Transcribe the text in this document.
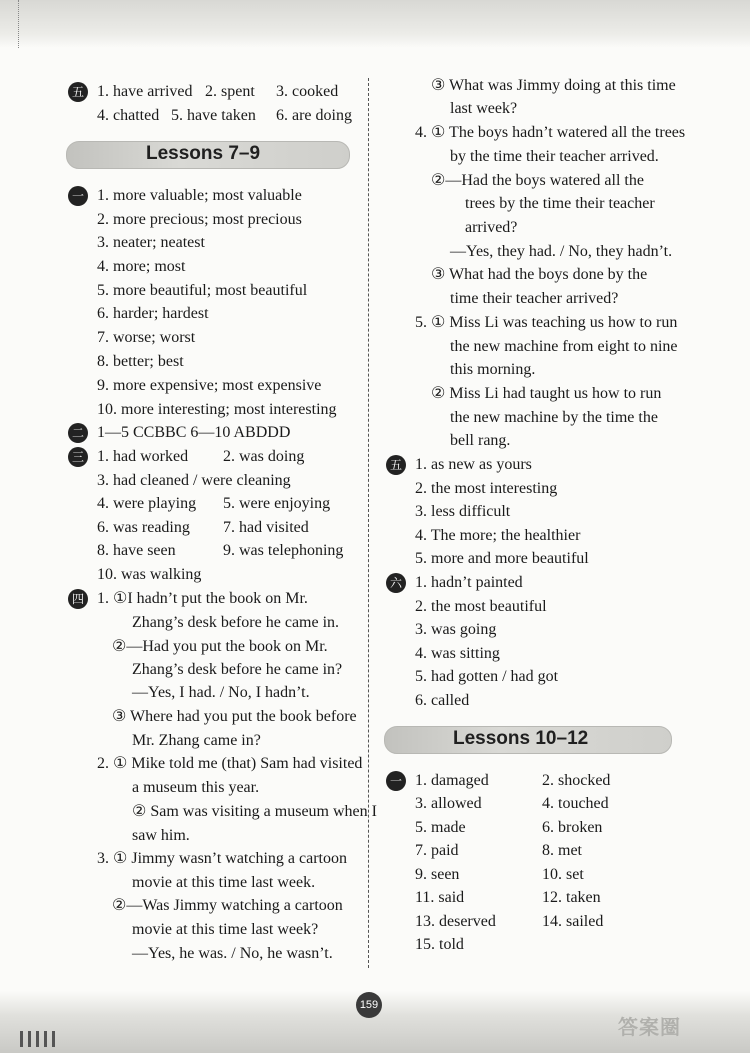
五 1. have arrived 2. spent 3. cooked
4. chatted 5. have taken 6. are doing
Lessons 7–9
一 1. more valuable; most valuable
2. more precious; most precious
3. neater; neatest
4. more; most
5. more beautiful; most beautiful
6. harder; hardest
7. worse; worst
8. better; best
9. more expensive; most expensive
10. more interesting; most interesting
二 1—5 CCBBC 6—10 ABDDD
三 1. had worked 2. was doing
3. had cleaned / were cleaning
4. were playing 5. were enjoying
6. was reading 7. had visited
8. have seen	9. was telephoning
10. was walking
四 1. ①I hadn’t put the book on Mr.
Zhang’s desk before he came in.
②—Had you put the book on Mr.
Zhang’s desk before he came in?
—Yes, I had. / No, I hadn’t.
③ Where had you put the book before
Mr. Zhang came in?
2. ① Mike told me (that) Sam had visited
a museum this year.
② Sam was visiting a museum when I
saw him.
3. ① Jimmy wasn’t watching a cartoon
movie at this time last week.
②—Was Jimmy watching a cartoon
movie at this time last week?
—Yes, he was. / No, he wasn’t.
③ What was Jimmy doing at this time
last week?
4. ① The boys hadn’t watered all the trees
by the time their teacher arrived.
②—Had the boys watered all the
trees by the time their teacher
arrived?
—Yes, they had. / No, they hadn’t.
③ What had the boys done by the
time their teacher arrived?
5. ① Miss Li was teaching us how to run
the new machine from eight to nine
this morning.
② Miss Li had taught us how to run
the new machine by the time the
bell rang.
五 1. as new as yours
2. the most interesting
3. less difficult
4. The more; the healthier
5. more and more beautiful
六 1. hadn’t painted
2. the most beautiful
3. was going
4. was sitting
5. had gotten / had got
6. called
Lessons 10–12
一 1. damaged	2. shocked
3. allowed	4. touched
5. made	6. broken
7. paid	8. met
9. seen	10. set
11. said	12. taken
13. deserved	14. sailed
15. told
159
答案圈
